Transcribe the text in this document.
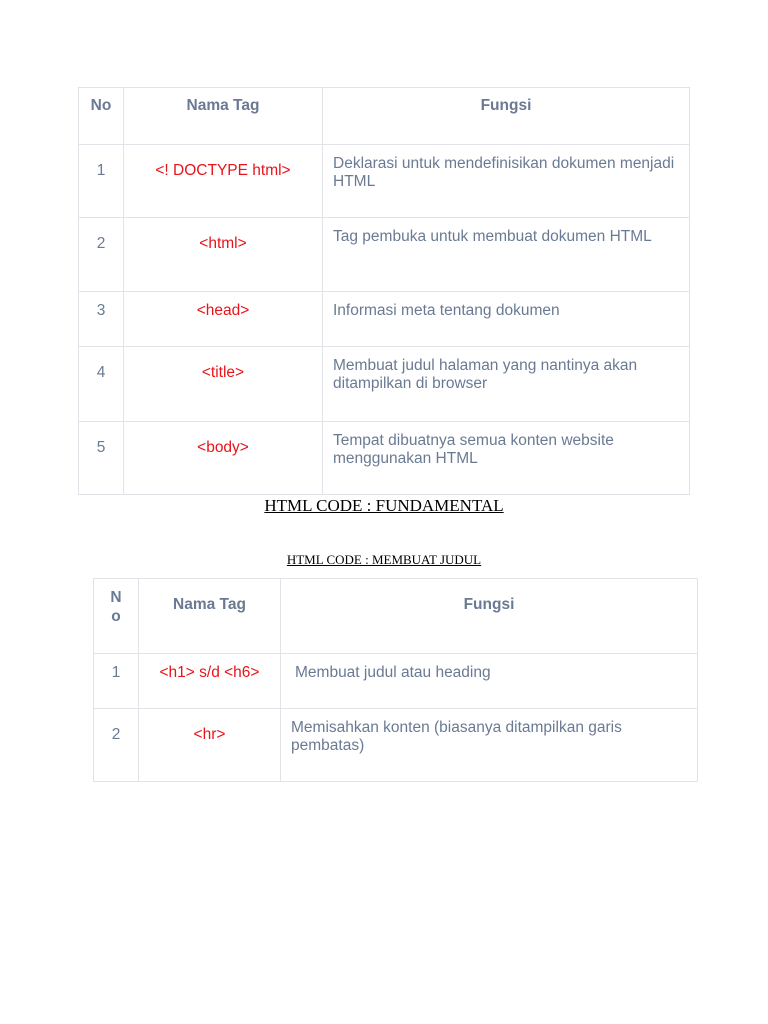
No	Nama Tag	Fungsi
1	<! DOCTYPE html>	Deklarasi untuk mendefinisikan dokumen menjadi HTML
2	<html>	Tag pembuka untuk membuat dokumen HTML
3	<head>	Informasi meta tentang dokumen
4	<title>	Membuat judul halaman yang nantinya akan ditampilkan di browser
5	<body>	Tempat dibuatnya semua konten website menggunakan HTML
HTML CODE : FUNDAMENTAL
HTML CODE : MEMBUAT JUDUL
No	Nama Tag	Fungsi
1	<h1> s/d <h6>	Membuat judul atau heading
2	<hr>	Memisahkan konten (biasanya ditampilkan garis pembatas)
